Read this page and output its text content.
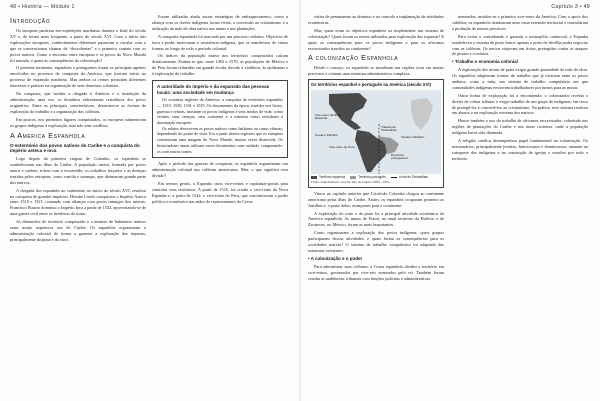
48 • História — Módulo 1
Introdução

Os europeus partiram em expedições marítimas durante o final do século XV e, de forma mais frequente, a partir do século XVI. Com o início das explorações europeias, conhecimentos diferentes passaram a circular com o que se convencionou chamar de “descobertas” e o primeiro contato com os povos nativos. Como o encontro entre europeus e os povos do Novo Mundo foi narrado, e quais as consequências da colonização?

O presente momento, espanhóis e portugueses foram os principais agentes envolvidos no processo de conquista da América, que tiveram início no processo de expansão marítima. Mas ambos os reinos possuíam diferentes interesses e práticas na organização de seus domínios coloniais.

Na conquista, que incluiu a chegada à América e a instalação da administração, uma vez, os domínios enfrentaram resistência dos povos originários. Entre as principais características, destacam-se as formas de exploração do trabalho e a organização das colônias.

Em poucos, nos primeiros lugares conquistados, os europeus submeteram os grupos indígenas à exploração, mas não sem conflitos.

A América Espanhola
O extermínio dos povos nativos do Caribe e a conquista do império asteca e inca

Logo depois da primeira viagem de Colombo, os espanhóis se estabeleceram nas ilhas do Caribe. A população nativa, formada por povos tainos e caribes, sofreu com a escravidão, os trabalhos forçados e as doenças trazidas pelos europeus, como varíola e sarampo, que dizimaram grande parte dos nativos.

A chegada dos espanhóis ao continente, no início do século XVI, resultou na conquista de grandes impérios. Hernán Cortés conquistou o Império Asteca entre 1519 e 1521, contando com alianças com povos inimigos dos astecas. Francisco Pizarro dominou o Império Inca a partir de 1532, aproveitando-se de uma guerra civil entre os herdeiros do trono.

As dimensões do território conquistado e o número de habitantes nativos eram muito superiores aos do Caribe. Os espanhóis organizaram a administração colonial de forma a garantir a exploração das riquezas, principalmente da prata e do ouro.

Foram utilizadas ainda outras estratégias de enfraquecimento, como a aliança com os chefes indígenas locais rivais, a conversão ao cristianismo e a utilização da mão de obra nativa nas minas e nas plantações.

A conquista espanhola foi marcada por um processo violento. Objetivos de terra e poder motivaram a resistência indígena, que se manifestou de várias formas ao longo de todo o período colonial.

Os índices da população nativa nos territórios conquistados caíram drasticamente. Estima-se que, entre 1492 e 1570, as populações do México e do Peru foram reduzidas em grande escala, devido à violência, às epidemias e à exploração do trabalho.

A autoridade do império e da expansão das pessoas locais: uma sociedade em mudança

Os cronistas ingleses da América, a conquista de territórios espanhóis — 1519, 1530, 1531 e 1535. Os documentos da época, trazidos nos livros, guerras e relatos, mostram os povos indígenas e seus modos de vida: como viviam, suas crenças, seus costumes e a maneira como resistiram à dominação europeia.

Os relatos descrevem os povos nativos como bárbaros ou como vítimas, dependendo do ponto de vista. Foi a partir desses registros que os europeus construíram uma imagem do Novo Mundo, muitas vezes distorcida. Os historiadores atuais utilizam esses documentos com cuidado, comparando-os com outras fontes.

Após o período das guerras de conquista, os espanhóis organizaram sua administração colonial nas colônias americanas. Mas, o que significa essa divisão?

Em termos gerais, a Espanha criou vice-reinos e capitanias-gerais para controlar seus territórios. A partir de 1535, foi criado o vice-reino da Nova Espanha e, a partir de 1542, o vice-reino do Peru, que concentravam o poder político e econômico nas mãos de representantes da Coroa.

Capítulo 3 • 49

várias de pensamento ao domínio e ao controle a implantação de atividades econômicas.

Mas, quais eram os objetivos espanhóis ao implementar um sistema de colonização? Quais foram os meios utilizados para exploração das riquezas? E quais as consequências para os povos indígenas e para os africanos escravizados trazidos ao continente?

A colonização Espanhola

Desde o começo, os espanhóis se instalaram em regiões ricas em metais preciosos e criaram uma estrutura administrativa complexa.

Os territórios espanhol e português na América (século XVI)
Vice-reino da Nova Espanha
Vice-reino do Peru
Domínios portugueses
Tratado de Tordesilhas
Oceano Atlântico
Oceano Pacífico
Território espanhol	Território português	Linha de Tordesilhas
Fonte: Atlas histórico escolar. Rio de Janeiro: MEC, 1991.

Vimos no capítulo anterior que Cristóvão Colombo chegou ao continente americano pelas ilhas do Caribe. Assim, os espanhóis ocuparam primeiro as Antilhas e, a partir delas, avançaram para o continente.

A exploração do ouro e da prata foi a principal atividade econômica da América espanhola. As minas de Potosí, no atual território da Bolívia, e de Zacatecas, no México, foram as mais importantes.

Como organizaram a exploração dos povos indígenas, quais grupos participaram dessas atividades, e quais foram as consequências para as sociedades nativas? O sistema de trabalho compulsório foi adaptado das estruturas existentes.

• A colonização e o poder

Para administrar suas colônias, a Coroa espanhola dividiu o território em vice-reinos, governados por vice-reis nomeados pelo rei. Também foram criadas as audiências, tribunais com funções judiciais e administrativas.

nomeados, instalou-se o primeiro vice-reino da América. Com o apoio dos cabildos, os espanhóis dominaram uma vasta extensão territorial e controlaram a produção de metais preciosos.

Para evitar o contrabando e garantir o monopólio comercial, a Espanha estabeleceu o sistema de porto único: apenas o porto de Sevilha podia negociar com as colônias. Os navios viajavam em frotas, protegidas contra os ataques de piratas e corsários.

• Trabalho e economia colonial

A exploração das minas de prata exigia grande quantidade de mão de obra. Os espanhóis adaptaram formas de trabalho que já existiam entre os povos andinos, como a mita, um sistema de trabalho compulsório em que comunidades indígenas enviavam trabalhadores por turnos para as minas.

Outra forma de exploração foi a encomienda: o colonizador recebia o direito de cobrar tributos e exigir trabalho de um grupo de indígenas, em troca de protegê-los e convertê-los ao cristianismo. Na prática, esse sistema resultou em abusos e na exploração extrema dos nativos.

Houve também o uso do trabalho de africanos escravizados, sobretudo nas regiões de plantações do Caribe e nas áreas costeiras, onde a população indígena havia sido dizimada.

A religião católica desempenhou papel fundamental na colonização. Os missionários, principalmente jesuítas, franciscanos e dominicanos, atuaram na catequese dos indígenas e na construção de igrejas e missões por todo o território.
